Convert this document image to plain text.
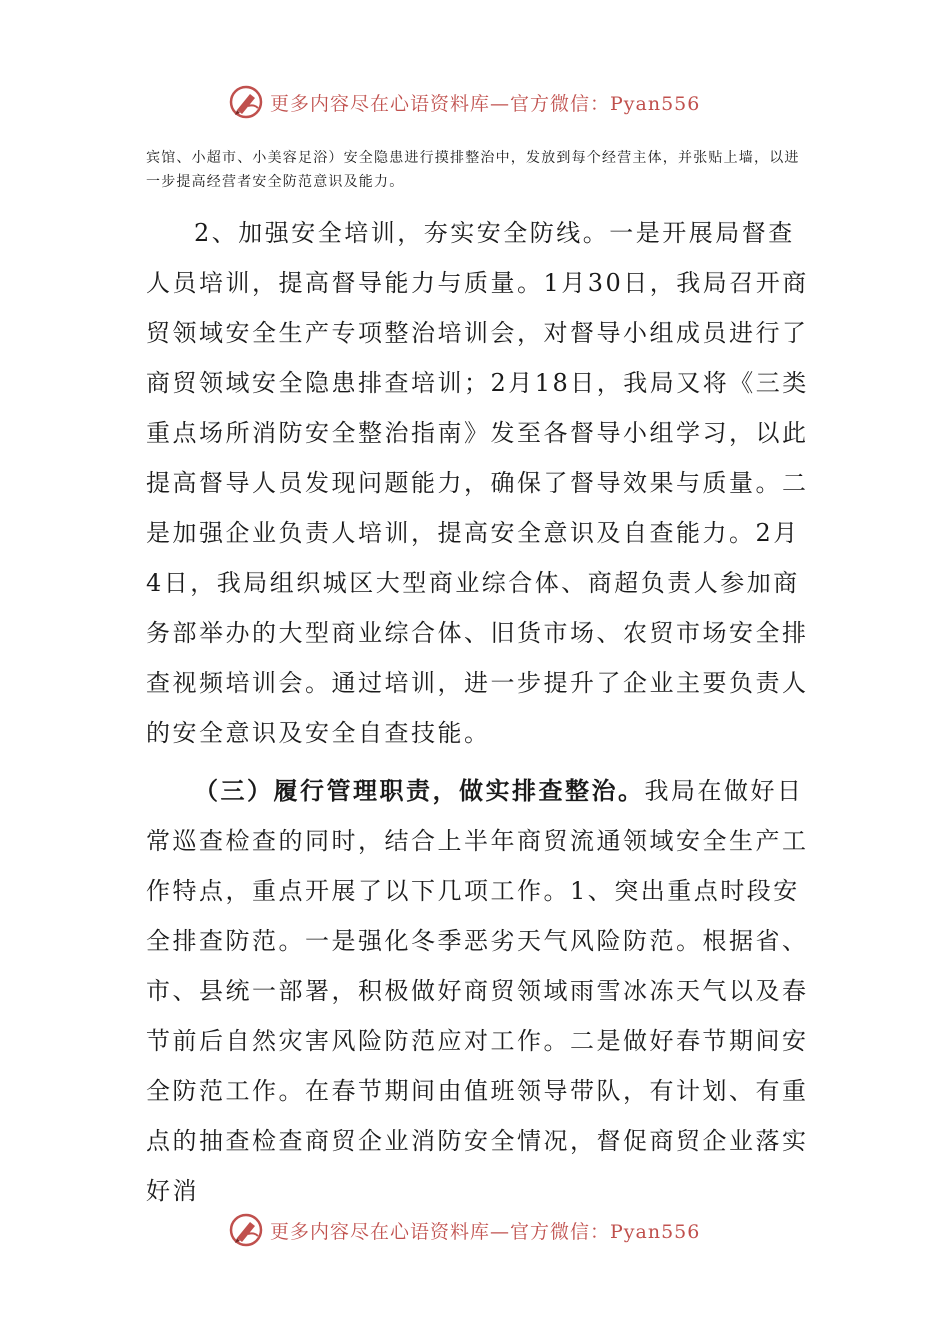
更多内容尽在心语资料库—官方微信：Pyan556

宾馆、小超市、小美容足浴）安全隐患进行摸排整治中，发放到每个经营主体，并张贴上墙，以进一步提高经营者安全防范意识及能力。

2、加强安全培训，夯实安全防线。一是开展局督查人员培训，提高督导能力与质量。1月30日，我局召开商贸领域安全生产专项整治培训会，对督导小组成员进行了商贸领域安全隐患排查培训；2月18日，我局又将《三类重点场所消防安全整治指南》发至各督导小组学习，以此提高督导人员发现问题能力，确保了督导效果与质量。二是加强企业负责人培训，提高安全意识及自查能力。2月4日，我局组织城区大型商业综合体、商超负责人参加商务部举办的大型商业综合体、旧货市场、农贸市场安全排查视频培训会。通过培训，进一步提升了企业主要负责人的安全意识及安全自查技能。

（三）履行管理职责，做实排查整治。我局在做好日常巡查检查的同时，结合上半年商贸流通领域安全生产工作特点，重点开展了以下几项工作。1、突出重点时段安全排查防范。一是强化冬季恶劣天气风险防范。根据省、市、县统一部署，积极做好商贸领域雨雪冰冻天气以及春节前后自然灾害风险防范应对工作。二是做好春节期间安全防范工作。在春节期间由值班领导带队，有计划、有重点的抽查检查商贸企业消防安全情况，督促商贸企业落实好消

更多内容尽在心语资料库—官方微信：Pyan556
